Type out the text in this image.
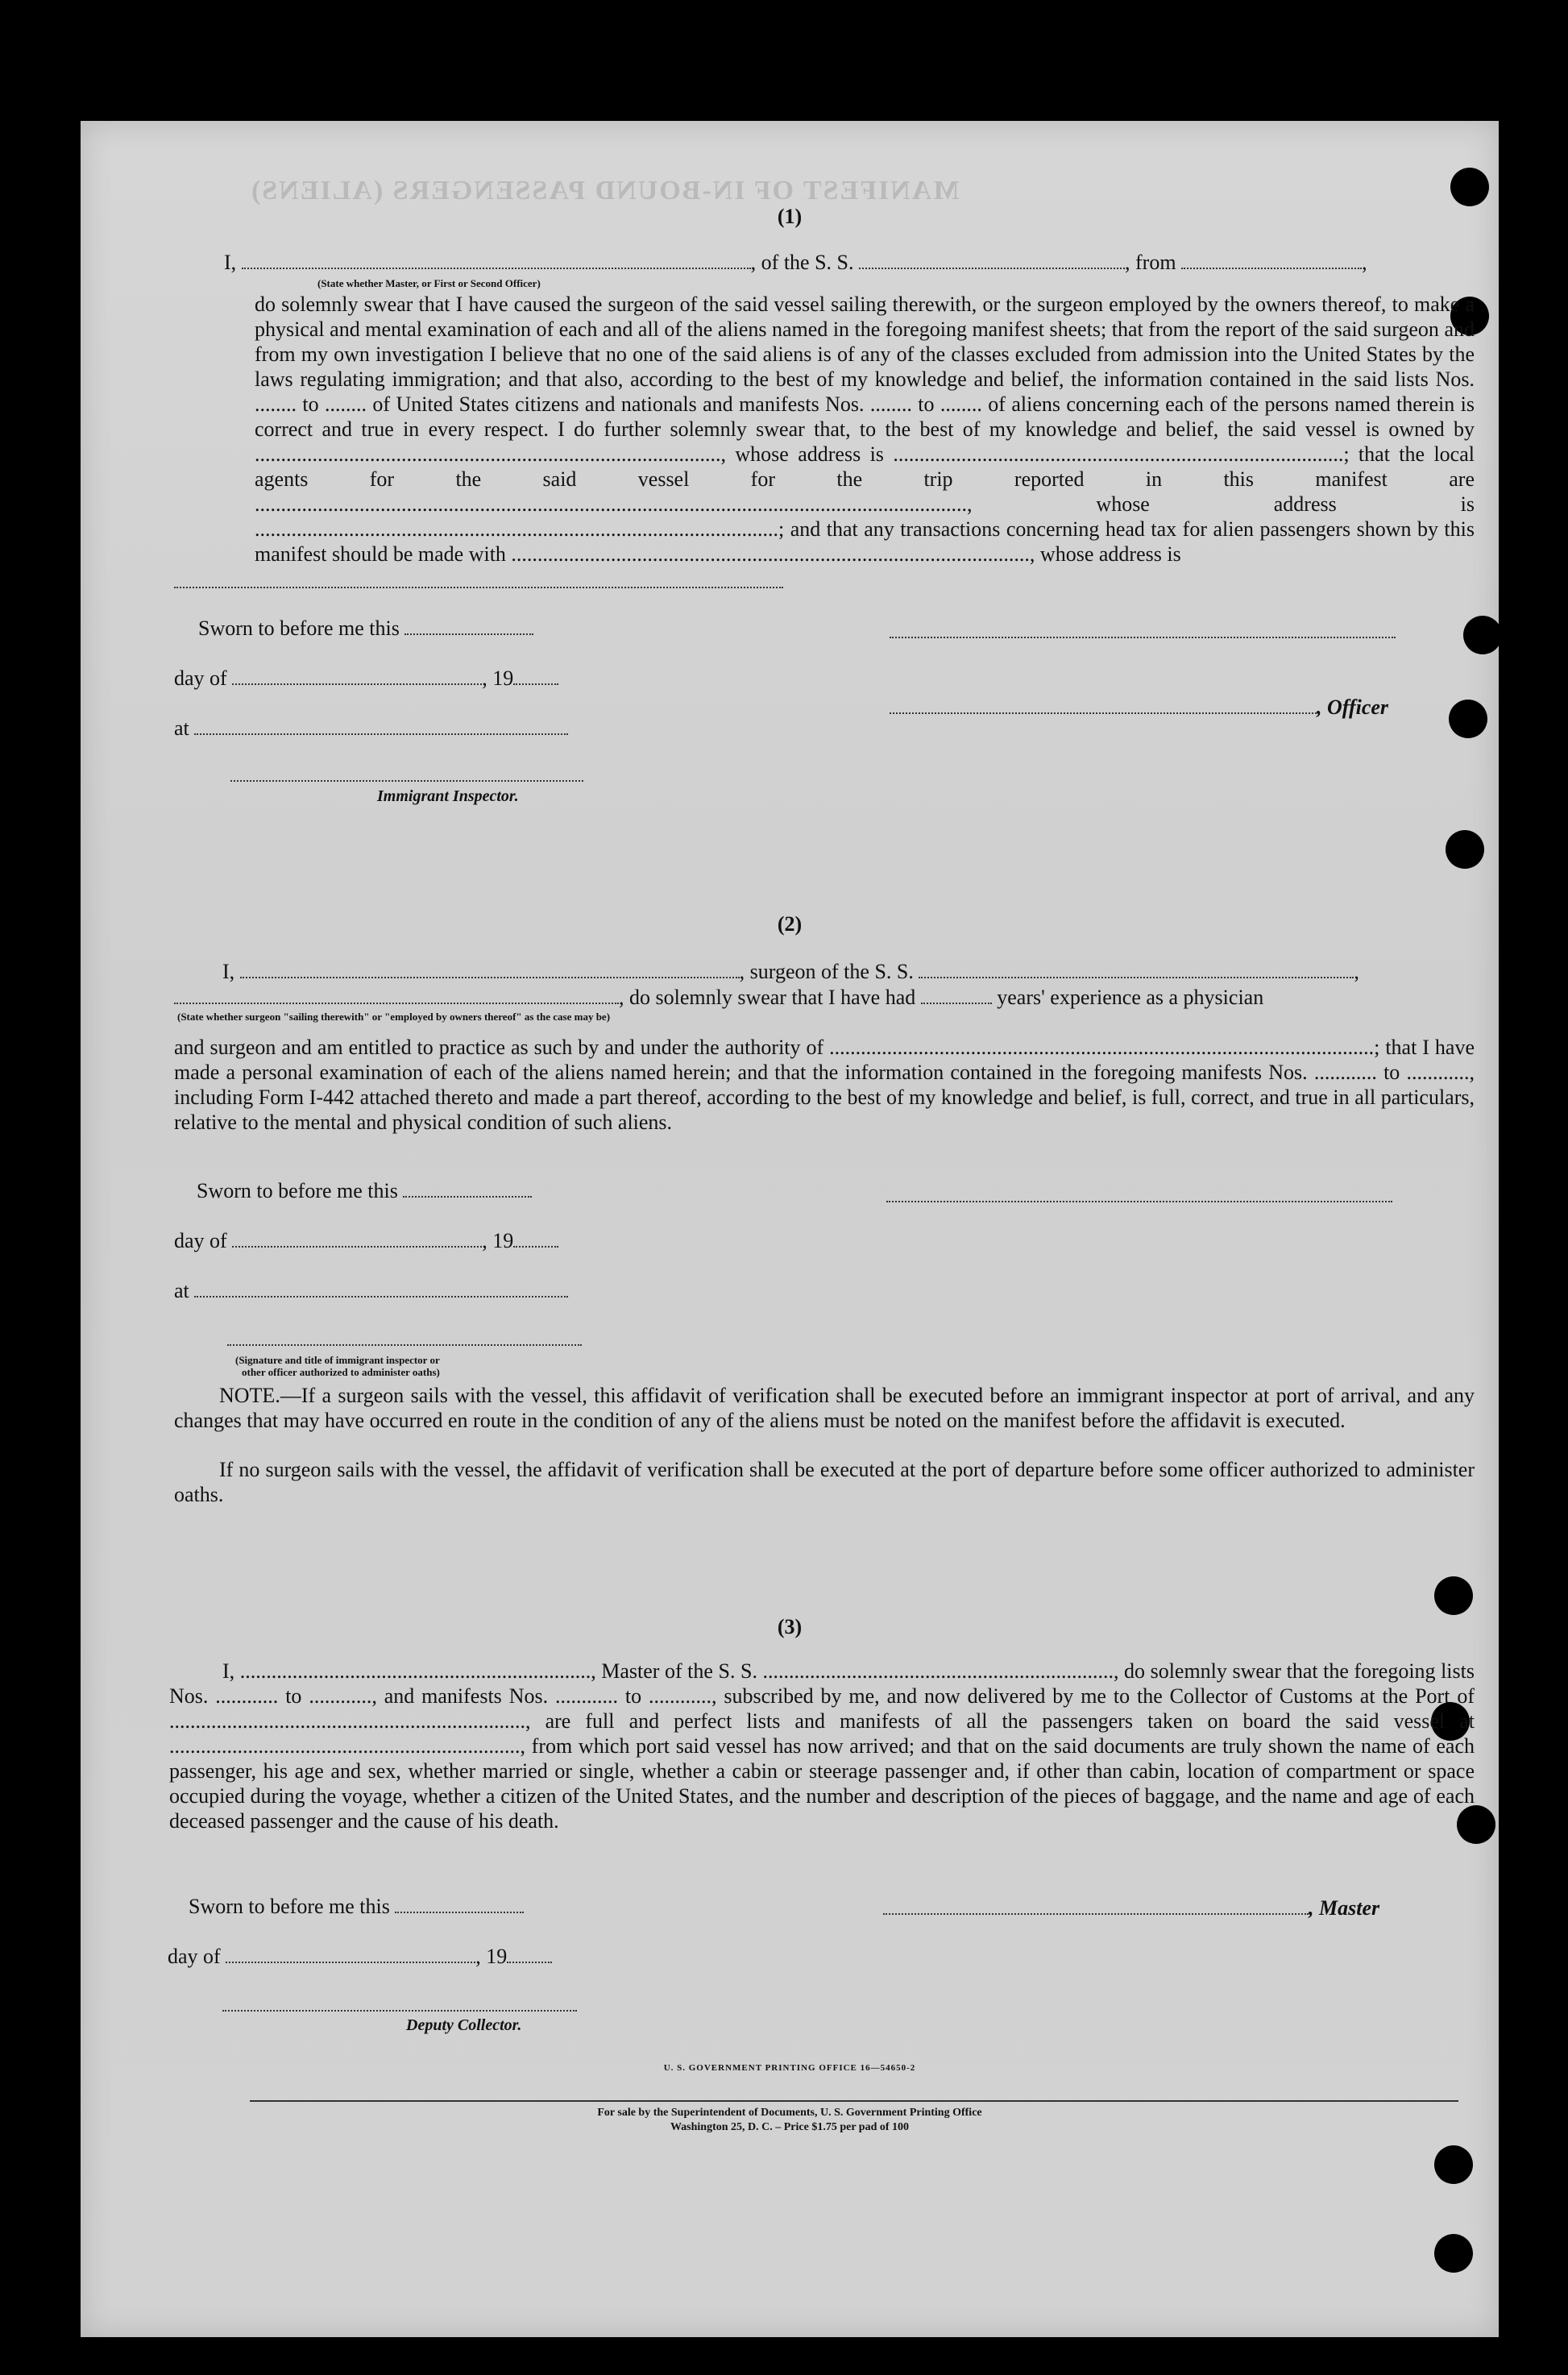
MANIFEST OF IN-BOUND PASSENGERS (ALIENS)
(1)
I,	, of the S. S.	, from	,
(State whether Master, or First or Second Officer)
do solemnly swear that I have caused the surgeon of the said vessel sailing therewith, or the surgeon employed by the owners thereof, to make a physical and mental examination of each and all of the aliens named in the foregoing manifest sheets; that from the report of the said surgeon and from my own investigation I believe that no one of the said aliens is of any of the classes excluded from admission into the United States by the laws regulating immigration; and that also, according to the best of my knowledge and belief, the information contained in the said lists Nos. ........ to ........ of United States citizens and nationals and manifests Nos. ........ to ........ of aliens concerning each of the persons named therein is correct and true in every respect. I do further solemnly swear that, to the best of my knowledge and belief, the said vessel is owned by ........................................................................................., whose address is ......................................................................................; that the local agents for the said vessel for the trip reported in this manifest are ........................................................................................................................................, whose address is ....................................................................................................; and that any transactions concerning head tax for alien passengers shown by this manifest should be made with ..................................................................................................., whose address is
Sworn to before me this
day of	, 19
, Officer
at
Immigrant Inspector.
(2)
I,	, surgeon of the S. S.	,
, do solemnly swear that I have had	years' experience as a physician
(State whether surgeon "sailing therewith" or "employed by owners thereof" as the case may be)
and surgeon and am entitled to practice as such by and under the authority of ........................................................................................................; that I have made a personal examination of each of the aliens named herein; and that the information contained in the foregoing manifests Nos. ............ to ............, including Form I-442 attached thereto and made a part thereof, according to the best of my knowledge and belief, is full, correct, and true in all particulars, relative to the mental and physical condition of such aliens.
Sworn to before me this
day of	, 19
at
(Signature and title of immigrant inspector or
other officer authorized to administer oaths)
NOTE.—If a surgeon sails with the vessel, this affidavit of verification shall be executed before an immigrant inspector at port of arrival, and any changes that may have occurred en route in the condition of any of the aliens must be noted on the manifest before the affidavit is executed.
If no surgeon sails with the vessel, the affidavit of verification shall be executed at the port of departure before some officer authorized to administer oaths.
(3)
I, ..................................................................., Master of the S. S. ..................................................................., do solemnly swear that the foregoing lists Nos. ............ to ............, and manifests Nos. ............ to ............, subscribed by me, and now delivered by me to the Collector of Customs at the Port of ...................................................................., are full and perfect lists and manifests of all the passengers taken on board the said vessel at ..................................................................., from which port said vessel has now arrived; and that on the said documents are truly shown the name of each passenger, his age and sex, whether married or single, whether a cabin or steerage passenger and, if other than cabin, location of compartment or space occupied during the voyage, whether a citizen of the United States, and the number and description of the pieces of baggage, and the name and age of each deceased passenger and the cause of his death.
Sworn to before me this	, Master
day of	, 19
Deputy Collector.
U. S. GOVERNMENT PRINTING OFFICE 16—54650-2
For sale by the Superintendent of Documents, U. S. Government Printing Office
Washington 25, D. C. – Price $1.75 per pad of 100
